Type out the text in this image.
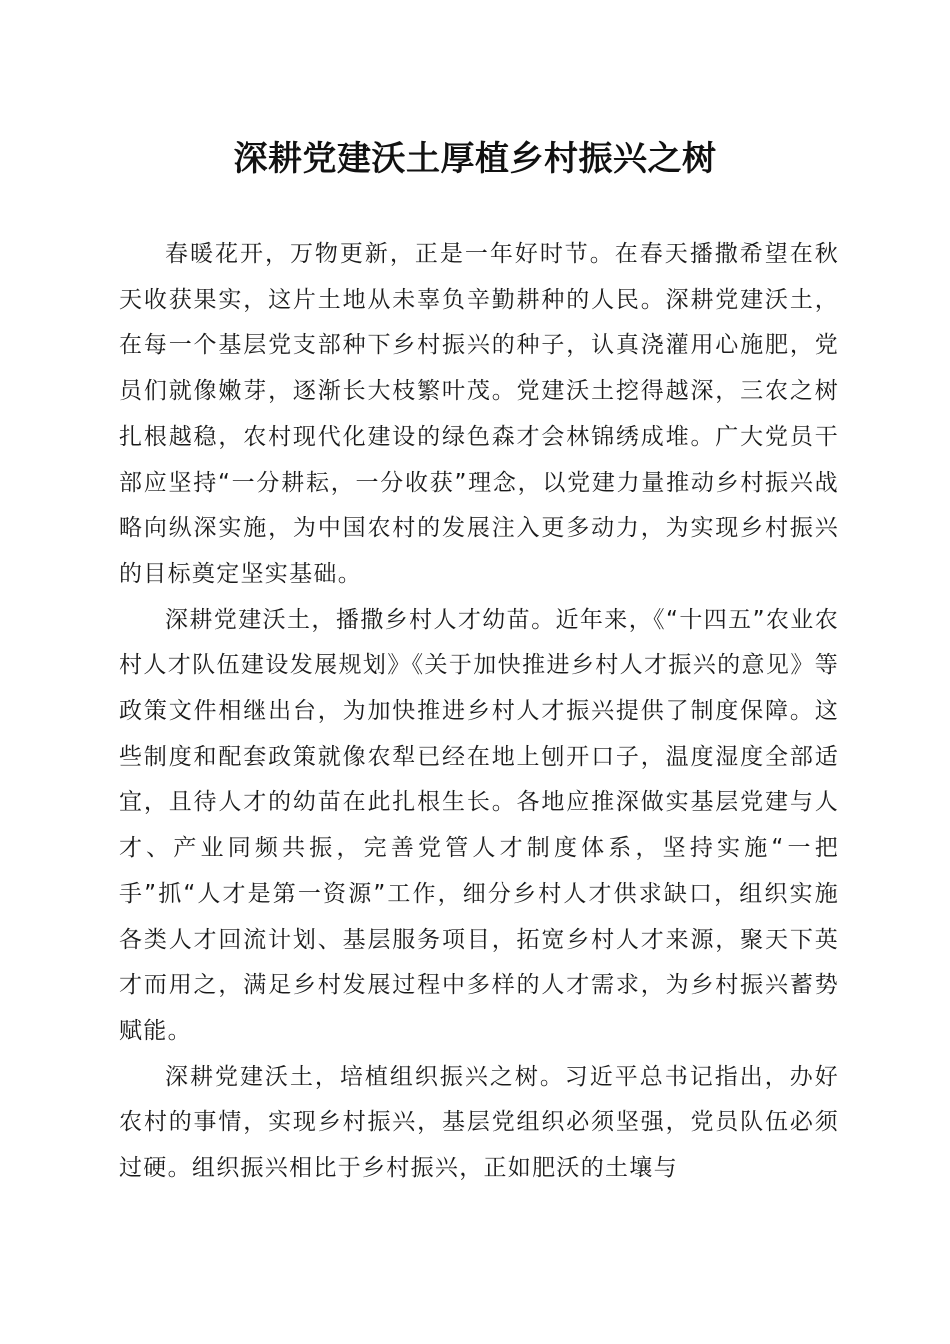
深耕党建沃土厚植乡村振兴之树

春暖花开，万物更新，正是一年好时节。在春天播撒希望在秋天收获果实，这片土地从未辜负辛勤耕种的人民。深耕党建沃土，在每一个基层党支部种下乡村振兴的种子，认真浇灌用心施肥，党员们就像嫩芽，逐渐长大枝繁叶茂。党建沃土挖得越深，三农之树扎根越稳，农村现代化建设的绿色森才会林锦绣成堆。广大党员干部应坚持“一分耕耘，一分收获”理念，以党建力量推动乡村振兴战略向纵深实施，为中国农村的发展注入更多动力，为实现乡村振兴的目标奠定坚实基础。

深耕党建沃土，播撒乡村人才幼苗。近年来，《“十四五”农业农村人才队伍建设发展规划》《关于加快推进乡村人才振兴的意见》等政策文件相继出台，为加快推进乡村人才振兴提供了制度保障。这些制度和配套政策就像农犁已经在地上刨开口子，温度湿度全部适宜，且待人才的幼苗在此扎根生长。各地应推深做实基层党建与人才、产业同频共振，完善党管人才制度体系，坚持实施“一把手”抓“人才是第一资源”工作，细分乡村人才供求缺口，组织实施各类人才回流计划、基层服务项目，拓宽乡村人才来源，聚天下英才而用之，满足乡村发展过程中多样的人才需求，为乡村振兴蓄势赋能。

深耕党建沃土，培植组织振兴之树。习近平总书记指出，办好农村的事情，实现乡村振兴，基层党组织必须坚强，党员队伍必须过硬。组织振兴相比于乡村振兴，正如肥沃的土壤与
